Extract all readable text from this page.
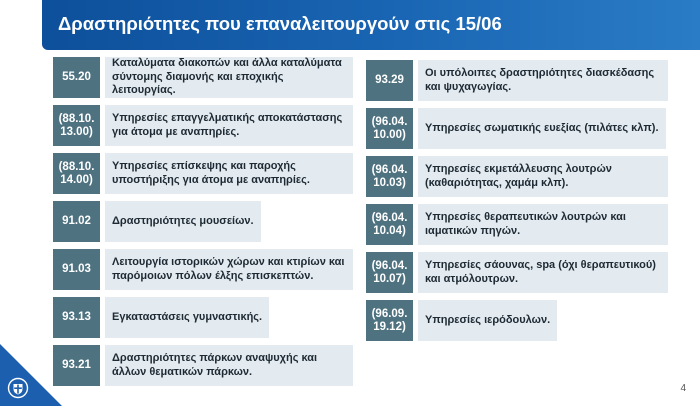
Δραστηριότητες που επαναλειτουργούν στις 15/06
55.20
Καταλύματα διακοπών και άλλα καταλύματα σύντομης διαμονής και εποχικής λειτουργίας.
(88.10.
13.00)
Υπηρεσίες επαγγελματικής αποκατάστασης για άτομα με αναπηρίες.
(88.10.
14.00)
Υπηρεσίες επίσκεψης και παροχής υποστήριξης για άτομα με αναπηρίες.
91.02	Δραστηριότητες μουσείων.
91.03
Λειτουργία ιστορικών χώρων και κτιρίων και παρόμοιων πόλων έλξης επισκεπτών.
93.13	Εγκαταστάσεις γυμναστικής.
93.21
Δραστηριότητες πάρκων αναψυχής και άλλων θεματικών πάρκων.
93.29
Οι υπόλοιπες δραστηριότητες διασκέδασης και ψυχαγωγίας.
(96.04.
10.00)
Υπηρεσίες σωματικής ευεξίας (πιλάτες κλπ).
(96.04.
10.03)
Υπηρεσίες εκμετάλλευσης λουτρών (καθαριότητας, χαμάμ κλπ).
(96.04.
10.04)
Υπηρεσίες θεραπευτικών λουτρών και ιαματικών πηγών.
(96.04.
10.07)
Υπηρεσίες σάουνας, spa (όχι θεραπευτικού) και ατμόλουτρων.
(96.09.
19.12)
Υπηρεσίες ιερόδουλων.
4
